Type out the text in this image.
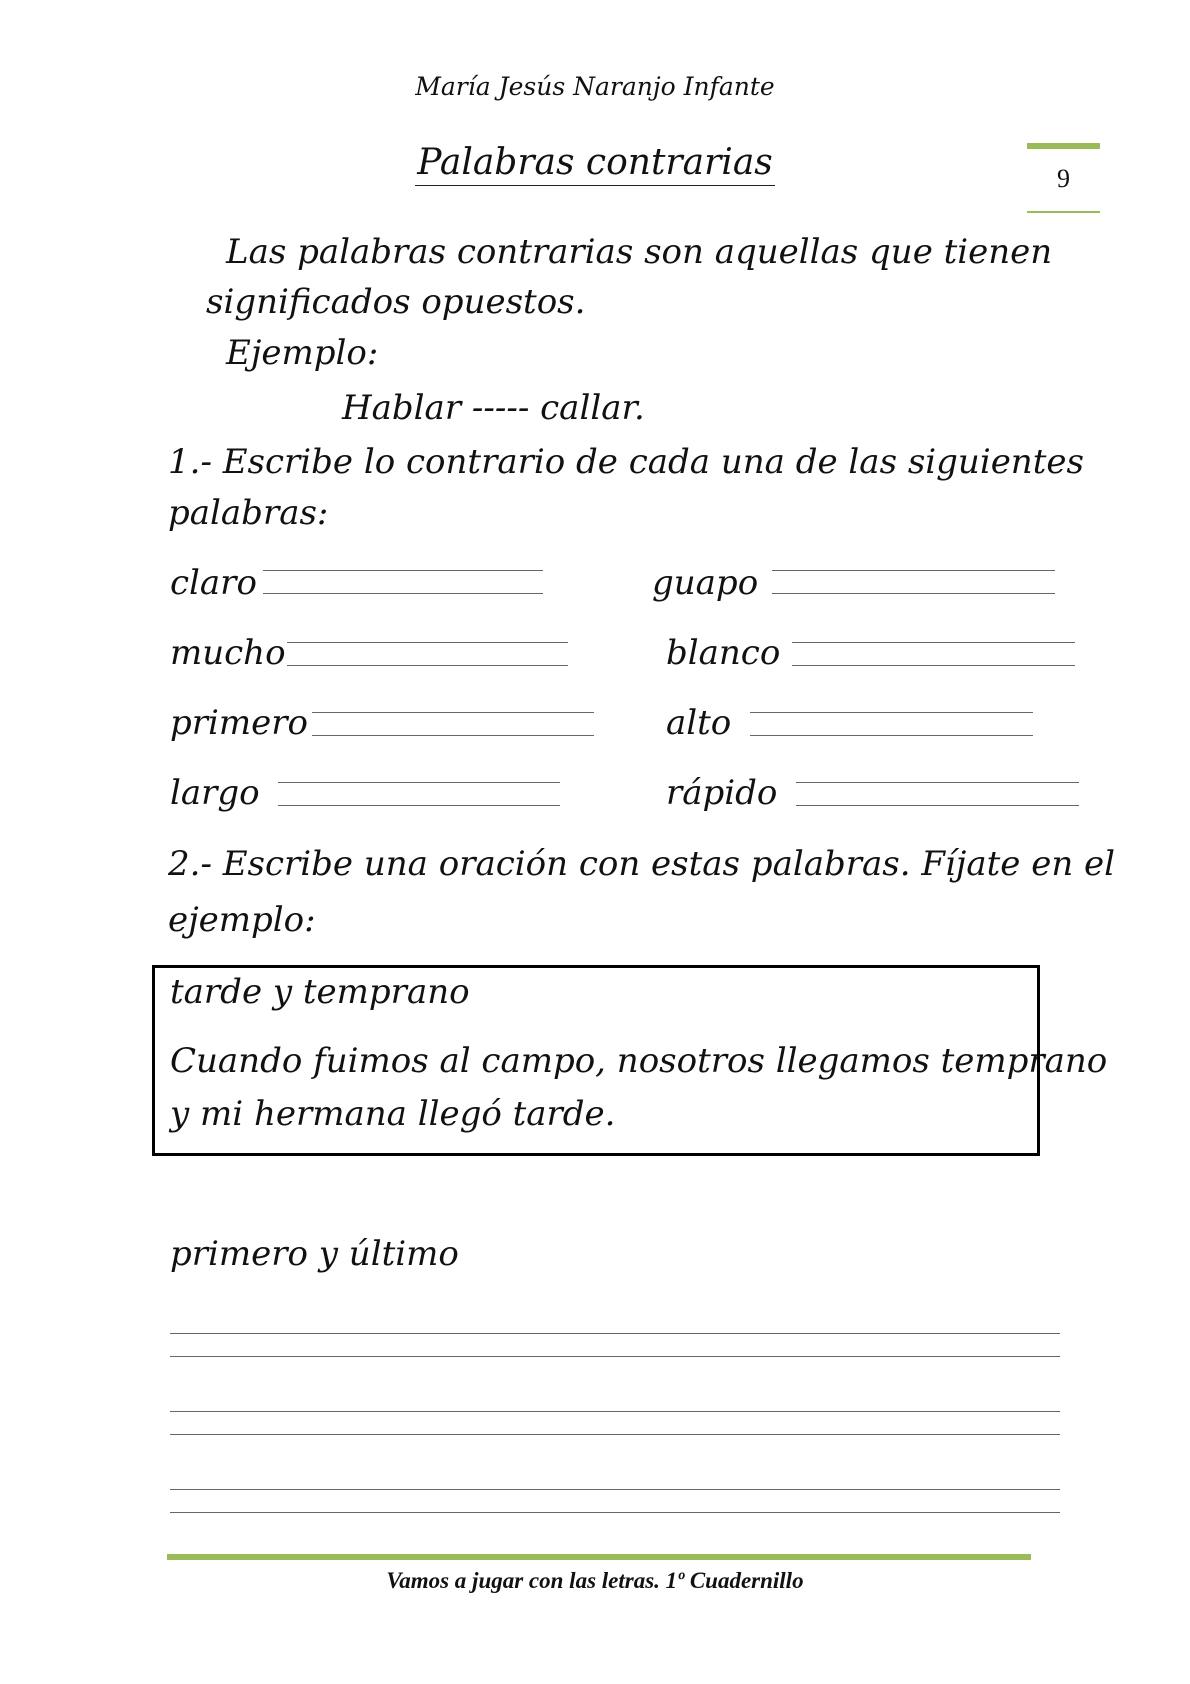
María Jesús Naranjo Infante
Palabras contrarias	9
Las palabras contrarias son aquellas que tienen
significados opuestos.
Ejemplo:
Hablar ----- callar.
1.- Escribe lo contrario de cada una de las siguientes
palabras:
claro	guapo
mucho	blanco
primero	alto
largo	rápido
2.- Escribe una oración con estas palabras. Fíjate en el
ejemplo:
tarde y temprano
Cuando fuimos al campo, nosotros llegamos temprano
y mi hermana llegó tarde.
primero y último
Vamos a jugar con las letras. 1º Cuadernillo
